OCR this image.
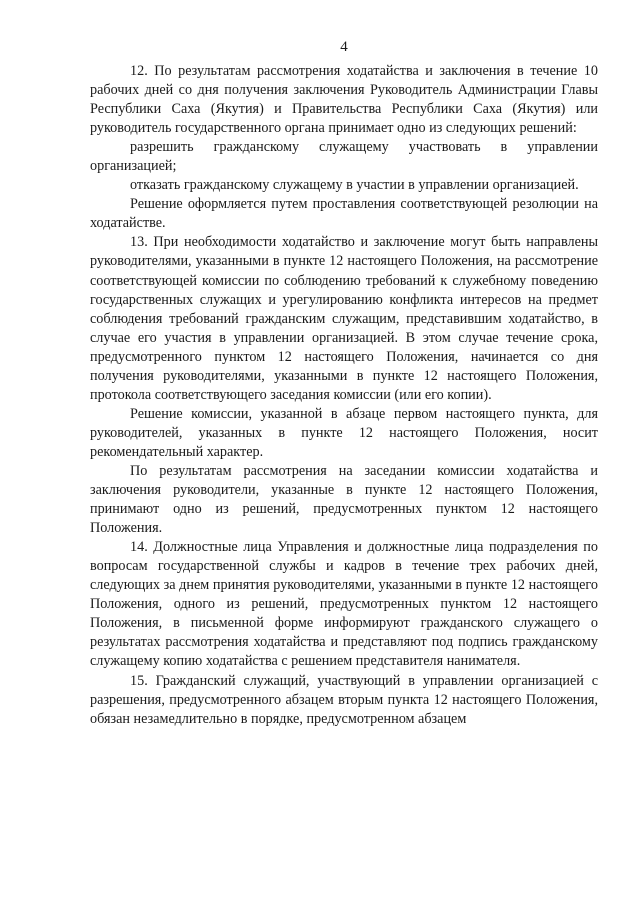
4

12. По результатам рассмотрения ходатайства и заключения в течение 10 рабочих дней со дня получения заключения Руководитель Администрации Главы Республики Саха (Якутия) и Правительства Республики Саха (Якутия) или руководитель государственного органа принимает одно из следующих решений:

разрешить гражданскому служащему участвовать в управлении организацией;

отказать гражданскому служащему в участии в управлении организацией.

Решение оформляется путем проставления соответствующей резолюции на ходатайстве.

13. При необходимости ходатайство и заключение могут быть направлены руководителями, указанными в пункте 12 настоящего Положения, на рассмотрение соответствующей комиссии по соблюдению требований к служебному поведению государственных служащих и урегулированию конфликта интересов на предмет соблюдения требований гражданским служащим, представившим ходатайство, в случае его участия в управлении организацией. В этом случае течение срока, предусмотренного пунктом 12 настоящего Положения, начинается со дня получения руководителями, указанными в пункте 12 настоящего Положения, протокола соответствующего заседания комиссии (или его копии).

Решение комиссии, указанной в абзаце первом настоящего пункта, для руководителей, указанных в пункте 12 настоящего Положения, носит рекомендательный характер.

По результатам рассмотрения на заседании комиссии ходатайства и заключения руководители, указанные в пункте 12 настоящего Положения, принимают одно из решений, предусмотренных пунктом 12 настоящего Положения.

14. Должностные лица Управления и должностные лица подразделения по вопросам государственной службы и кадров в течение трех рабочих дней, следующих за днем принятия руководителями, указанными в пункте 12 настоящего Положения, одного из решений, предусмотренных пунктом 12 настоящего Положения, в письменной форме информируют гражданского служащего о результатах рассмотрения ходатайства и представляют под подпись гражданскому служащему копию ходатайства с решением представителя нанимателя.

15. Гражданский служащий, участвующий в управлении организацией с разрешения, предусмотренного абзацем вторым пункта 12 настоящего Положения, обязан незамедлительно в порядке, предусмотренном абзацем
